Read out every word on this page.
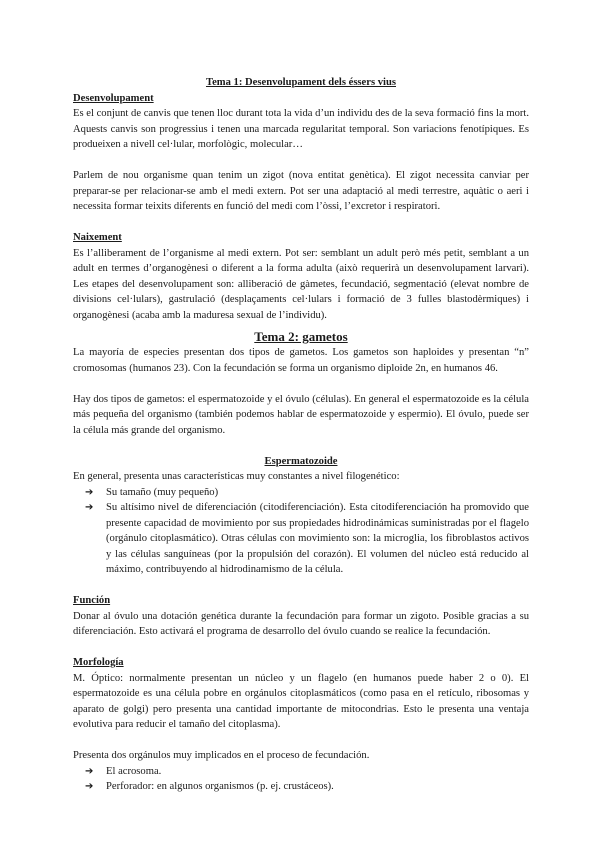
Tema 1: Desenvolupament dels éssers vius
Desenvolupament

Es el conjunt de canvis que tenen lloc durant tota la vida d’un individu des de la seva formació fins la mort. Aquests canvis son progressius i tenen una marcada regularitat temporal. Son variacions fenotípiques. Es produeixen a nivell cel·lular, morfològic, molecular…

Parlem de nou organisme quan tenim un zigot (nova entitat genètica). El zigot necessita canviar per preparar-se per relacionar-se amb el medi extern. Pot ser una adaptació al medi terrestre, aquàtic o aeri i necessita formar teixits diferents en funció del medi com l’òssi, l’excretor i respiratori.

Naixement

Es l’alliberament de l’organisme al medi extern. Pot ser: semblant un adult però més petit, semblant a un adult en termes d’organogènesi o diferent a la forma adulta (això requerirà un desenvolupament larvari). Les etapes del desenvolupament son: alliberació de gàmetes, fecundació, segmentació (elevat nombre de divisions cel·lulars), gastrulació (desplaçaments cel·lulars i formació de 3 fulles blastodèrmiques) i organogènesi (acaba amb la maduresa sexual de l’individu).

Tema 2: gametos

La mayoría de especies presentan dos tipos de gametos. Los gametos son haploides y presentan “n” cromosomas (humanos 23). Con la fecundación se forma un organismo diploide 2n, en humanos 46.

Hay dos tipos de gametos: el espermatozoide y el óvulo (células). En general el espermatozoide es la célula más pequeña del organismo (también podemos hablar de espermatozoide y espermio). El óvulo, puede ser la célula más grande del organismo.

Espermatozoide

En general, presenta unas características muy constantes a nivel filogenético:

➔ Su tamaño (muy pequeño)
➔ Su altísimo nivel de diferenciación (citodiferenciación). Esta citodiferenciación ha promovido que presente capacidad de movimiento por sus propiedades hidrodinámicas suministradas por el flagelo (orgánulo citoplasmático). Otras células con movimiento son: la microglia, los fibroblastos activos y las células sanguíneas (por la propulsión del corazón). El volumen del núcleo está reducido al máximo, contribuyendo al hidrodinamismo de la célula.
Función

Donar al óvulo una dotación genética durante la fecundación para formar un zigoto. Posible gracias a su diferenciación. Esto activará el programa de desarrollo del óvulo cuando se realice la fecundación.

Morfología

M. Óptico: normalmente presentan un núcleo y un flagelo (en humanos puede haber 2 o 0). El espermatozoide es una célula pobre en orgánulos citoplasmáticos (como pasa en el retículo, ribosomas y aparato de golgi) pero presenta una cantidad importante de mitocondrias. Esto le presenta una ventaja evolutiva para reducir el tamaño del citoplasma).

Presenta dos orgánulos muy implicados en el proceso de fecundación.

➔ El acrosoma.
➔ Perforador: en algunos organismos (p. ej. crustáceos).
